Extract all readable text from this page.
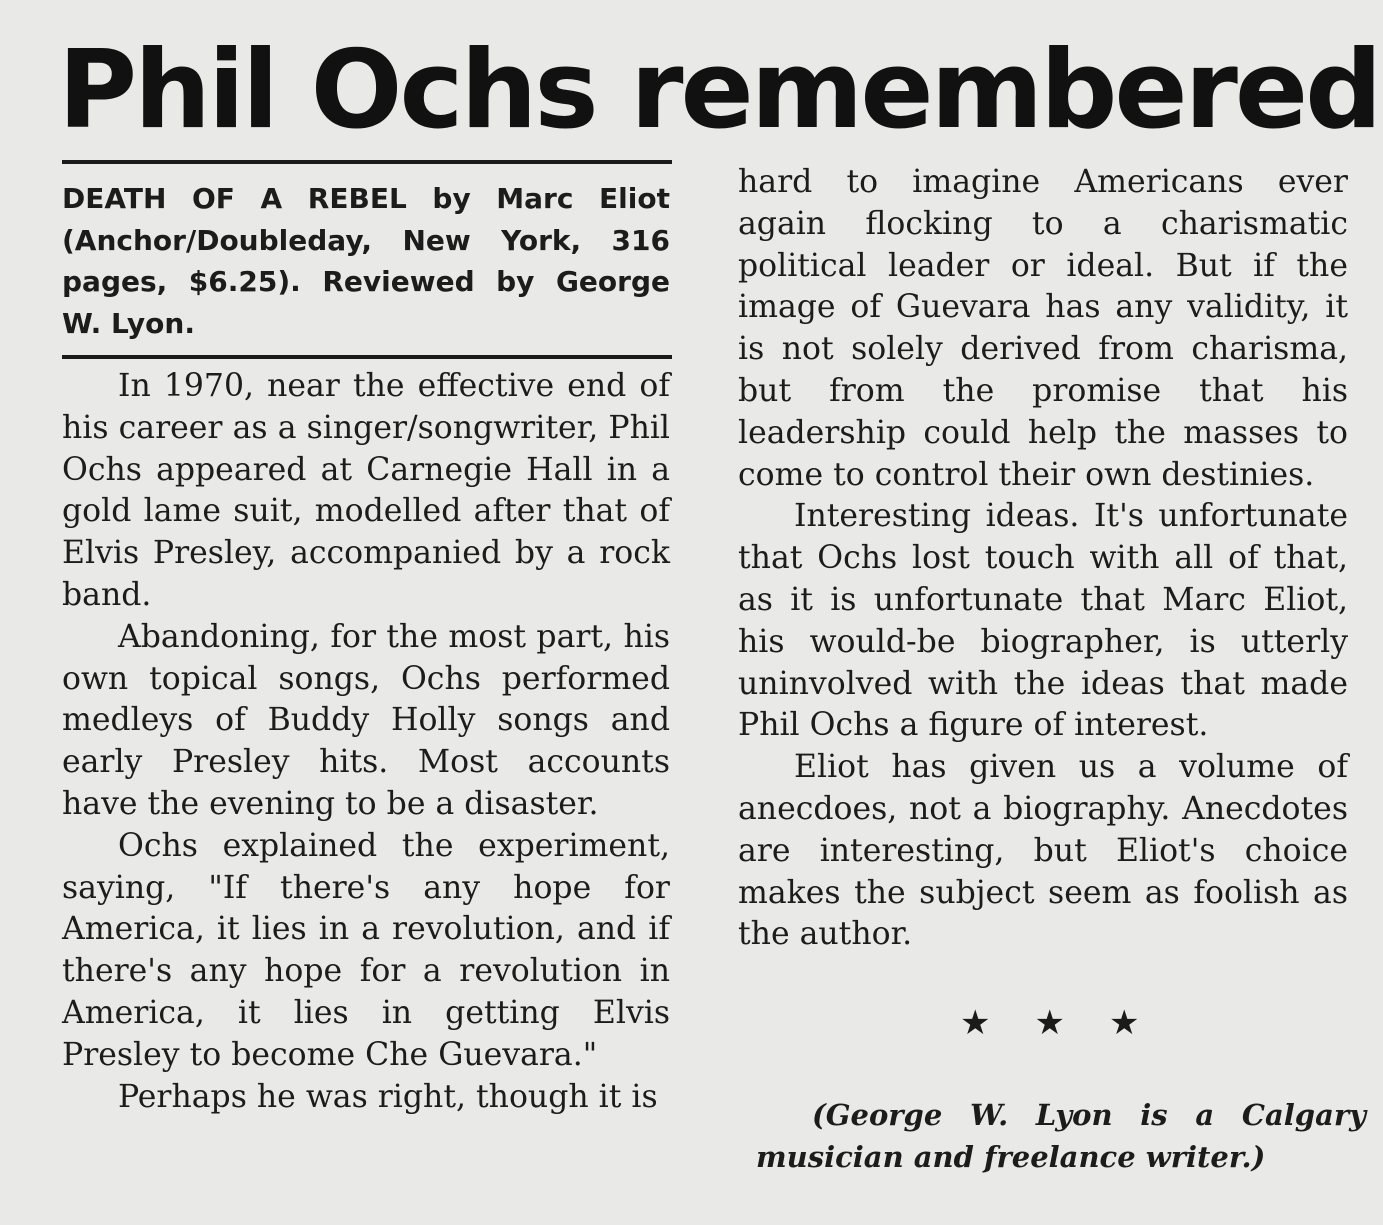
Phil Ochs remembered

DEATH OF A REBEL by Marc Eliot (Anchor/Doubleday, New York, 316 pages, $6.25). Reviewed by George W. Lyon.

In 1970, near the effective end of his career as a singer/songwriter, Phil Ochs appeared at Carnegie Hall in a gold lame suit, modelled after that of Elvis Presley, accompanied by a rock band.

Abandoning, for the most part, his own topical songs, Ochs performed medleys of Buddy Holly songs and early Presley hits. Most accounts have the evening to be a disaster.

Ochs explained the experiment, saying, "If there's any hope for America, it lies in a revolution, and if there's any hope for a revolution in America, it lies in getting Elvis Presley to become Che Guevara."

Perhaps he was right, though it is

hard to imagine Americans ever again flocking to a charismatic political leader or ideal. But if the image of Guevara has any validity, it is not solely derived from charisma, but from the promise that his leadership could help the masses to come to control their own destinies.

Interesting ideas. It's unfortunate that Ochs lost touch with all of that, as it is unfortunate that Marc Eliot, his would-be biographer, is utterly uninvolved with the ideas that made Phil Ochs a figure of interest.

Eliot has given us a volume of anecdoes, not a biography. Anecdotes are interesting, but Eliot's choice makes the subject seem as foolish as the author.

★★★

(George W. Lyon is a Calgary musician and freelance writer.)
